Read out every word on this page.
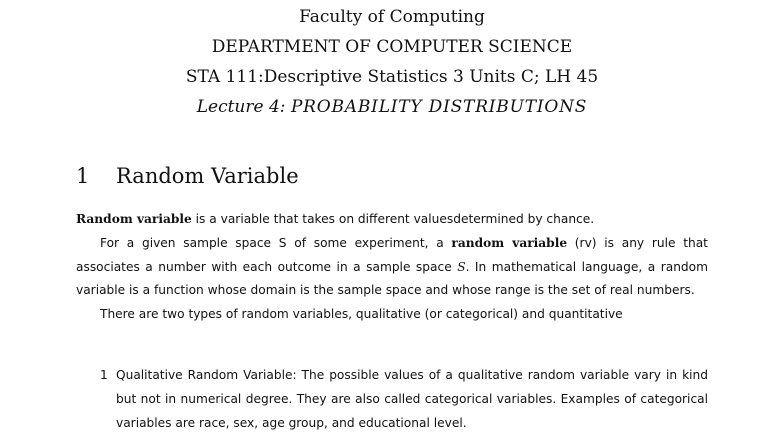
Faculty of Computing

DEPARTMENT OF COMPUTER SCIENCE

STA 111:Descriptive Statistics 3 Units C; LH 45

Lecture 4: PROBABILITY DISTRIBUTIONS

1 Random Variable

Random variable is a variable that takes on different valuesdetermined by chance.

For a given sample space S of some experiment, a random variable (rv) is any rule that associates a number with each outcome in a sample space S. In mathematical language, a random variable is a function whose domain is the sample space and whose range is the set of real numbers.

There are two types of random variables, qualitative (or categorical) and quantitative

1 Qualitative Random Variable: The possible values of a qualitative random variable vary in kind but not in numerical degree. They are also called categorical variables. Examples of categorical variables are race, sex, age group, and educational level.
